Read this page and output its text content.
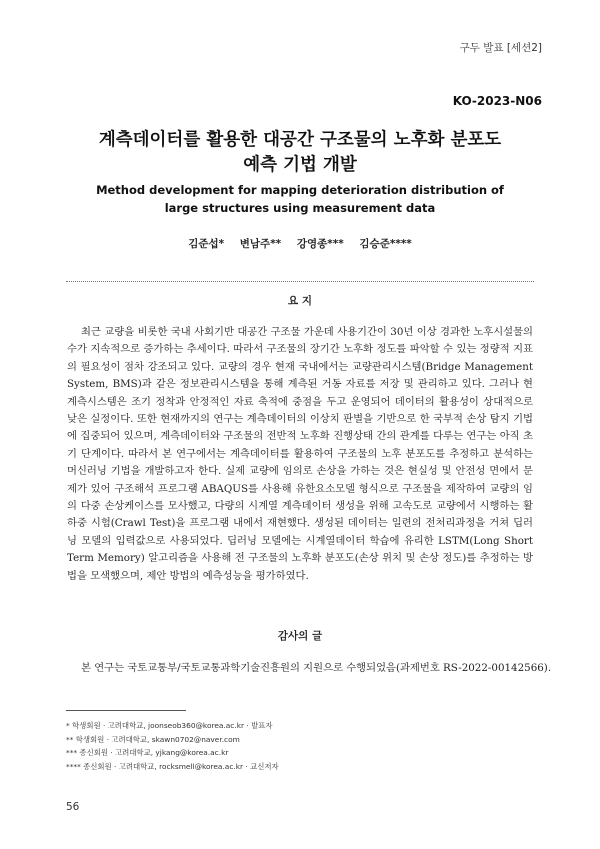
구두 발표 [세션2]
KO-2023-N06
계측데이터를 활용한 대공간 구조물의 노후화 분포도
예측 기법 개발
Method development for mapping deterioration distribution of
large structures using measurement data
김준섭* 변남주** 강영종*** 김승준****
요 지

최근 교량을 비롯한 국내 사회기반 대공간 구조물 가운데 사용기간이 30년 이상 경과한 노후시설물의 수가 지속적으로 증가하는 추세이다. 따라서 구조물의 장기간 노후화 정도를 파악할 수 있는 정량적 지표의 필요성이 점차 강조되고 있다. 교량의 경우 현재 국내에서는 교량관리시스템(Bridge Management System, BMS)과 같은 정보관리시스템을 통해 계측된 거동 자료를 저장 및 관리하고 있다. 그러나 현 계측시스템은 조기 정착과 안정적인 자료 축적에 중점을 두고 운영되어 데이터의 활용성이 상대적으로 낮은 실정이다. 또한 현재까지의 연구는 계측데이터의 이상치 판별을 기반으로 한 국부적 손상 탐지 기법에 집중되어 있으며, 계측데이터와 구조물의 전반적 노후화 진행상태 간의 관계를 다루는 연구는 아직 초기 단계이다. 따라서 본 연구에서는 계측데이터를 활용하여 구조물의 노후 분포도를 추정하고 분석하는 머신러닝 기법을 개발하고자 한다. 실제 교량에 임의로 손상을 가하는 것은 현실성 및 안전성 면에서 문제가 있어 구조해석 프로그램 ABAQUS를 사용해 유한요소모델 형식으로 구조물을 제작하여 교량의 임의 다중 손상케이스를 모사했고, 다량의 시계열 계측데이터 생성을 위해 고속도로 교량에서 시행하는 활하중 시험(Crawl Test)을 프로그램 내에서 재현했다. 생성된 데이터는 일련의 전처리과정을 거쳐 딥러닝 모델의 입력값으로 사용되었다. 딥러닝 모델에는 시계열데이터 학습에 유리한 LSTM(Long Short Term Memory) 알고리즘을 사용해 전 구조물의 노후화 분포도(손상 위치 및 손상 정도)를 추정하는 방법을 모색했으며, 제안 방법의 예측성능을 평가하였다.

감사의 글

본 연구는 국토교통부/국토교통과학기술진흥원의 지원으로 수행되었음(과제번호 RS-2022-00142566).

* 학생회원 · 고려대학교, joonseob360@korea.ac.kr · 발표자
** 학생회원 · 고려대학교, skawn0702@naver.com
*** 종신회원 · 고려대학교, yjkang@korea.ac.kr
**** 종신회원 · 고려대학교, rocksmell@korea.ac.kr · 교신저자
56
